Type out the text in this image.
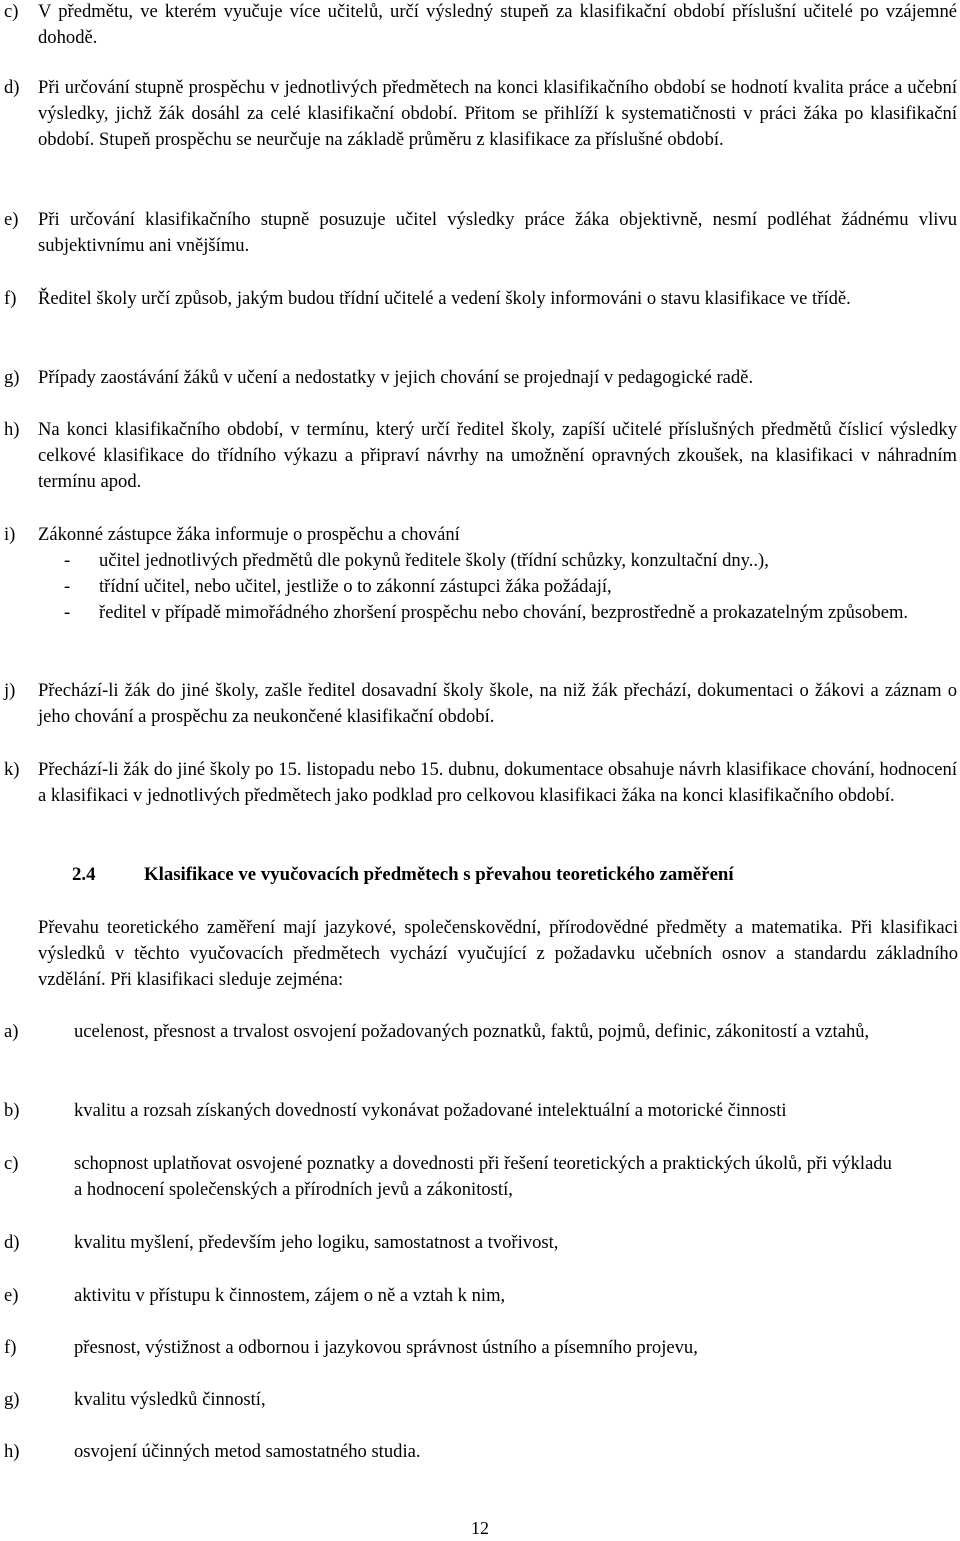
c)	V předmětu, ve kterém vyučuje více učitelů, určí výsledný stupeň za klasifikační období příslušní učitelé po vzájemné dohodě.
d) Při určování stupně prospěchu v jednotlivých předmětech na konci klasifikačního období se hodnotí kvalita práce a učební výsledky, jichž žák dosáhl za celé klasifikační období. Přitom se přihlíží k systematičnosti v práci žáka po klasifikační období. Stupeň prospěchu se neurčuje na základě průměru z klasifikace za příslušné období.
e)	Při určování klasifikačního stupně posuzuje učitel výsledky práce žáka objektivně, nesmí podléhat žádnému vlivu subjektivnímu ani vnějšímu.
f)	Ředitel školy určí způsob, jakým budou třídní učitelé a vedení školy informováni o stavu klasifikace ve třídě.
g) Případy zaostávání žáků v učení a nedostatky v jejich chování se projednají v pedagogické radě.
h) Na konci klasifikačního období, v termínu, který určí ředitel školy, zapíší učitelé příslušných předmětů číslicí výsledky celkové klasifikace do třídního výkazu a připraví návrhy na umožnění opravných zkoušek, na klasifikaci v náhradním termínu apod.
i)	Zákonné zástupce žáka informuje o prospěchu a chování
-	učitel jednotlivých předmětů dle pokynů ředitele školy (třídní schůzky, konzultační dny..),
-	třídní učitel, nebo učitel, jestliže o to zákonní zástupci žáka požádají,
-	ředitel v případě mimořádného zhoršení prospěchu nebo chování, bezprostředně a prokazatelným způsobem.
j)	Přechází-li žák do jiné školy, zašle ředitel dosavadní školy škole, na niž žák přechází, dokumentaci o žákovi a záznam o jeho chování a prospěchu za neukončené klasifikační období.
k) Přechází-li žák do jiné školy po 15. listopadu nebo 15. dubnu, dokumentace obsahuje návrh klasifikace chování, hodnocení a klasifikaci v jednotlivých předmětech jako podklad pro celkovou klasifikaci žáka na konci klasifikačního období.
2.4	Klasifikace ve vyučovacích předmětech s převahou teoretického zaměření
Převahu teoretického zaměření mají jazykové, společenskovědní, přírodovědné předměty a matematika. Při klasifikaci výsledků v těchto vyučovacích předmětech vychází vyučující z požadavku učebních osnov a standardu základního vzdělání. Při klasifikaci sleduje zejména:
a)	ucelenost, přesnost a trvalost osvojení požadovaných poznatků, faktů, pojmů, definic, zákonitostí a vztahů,
b)	kvalitu a rozsah získaných dovedností vykonávat požadované intelektuální a motorické činnosti
c)	schopnost uplatňovat osvojené poznatky a dovednosti při řešení teoretických a praktických úkolů, při výkladu a hodnocení společenských a přírodních jevů a zákonitostí,
d)	kvalitu myšlení, především jeho logiku, samostatnost a tvořivost,
e)	aktivitu v přístupu k činnostem, zájem o ně a vztah k nim,
f)	přesnost, výstižnost a odbornou i jazykovou správnost ústního a písemního projevu,
g)	kvalitu výsledků činností,
h)	osvojení účinných metod samostatného studia.
12
